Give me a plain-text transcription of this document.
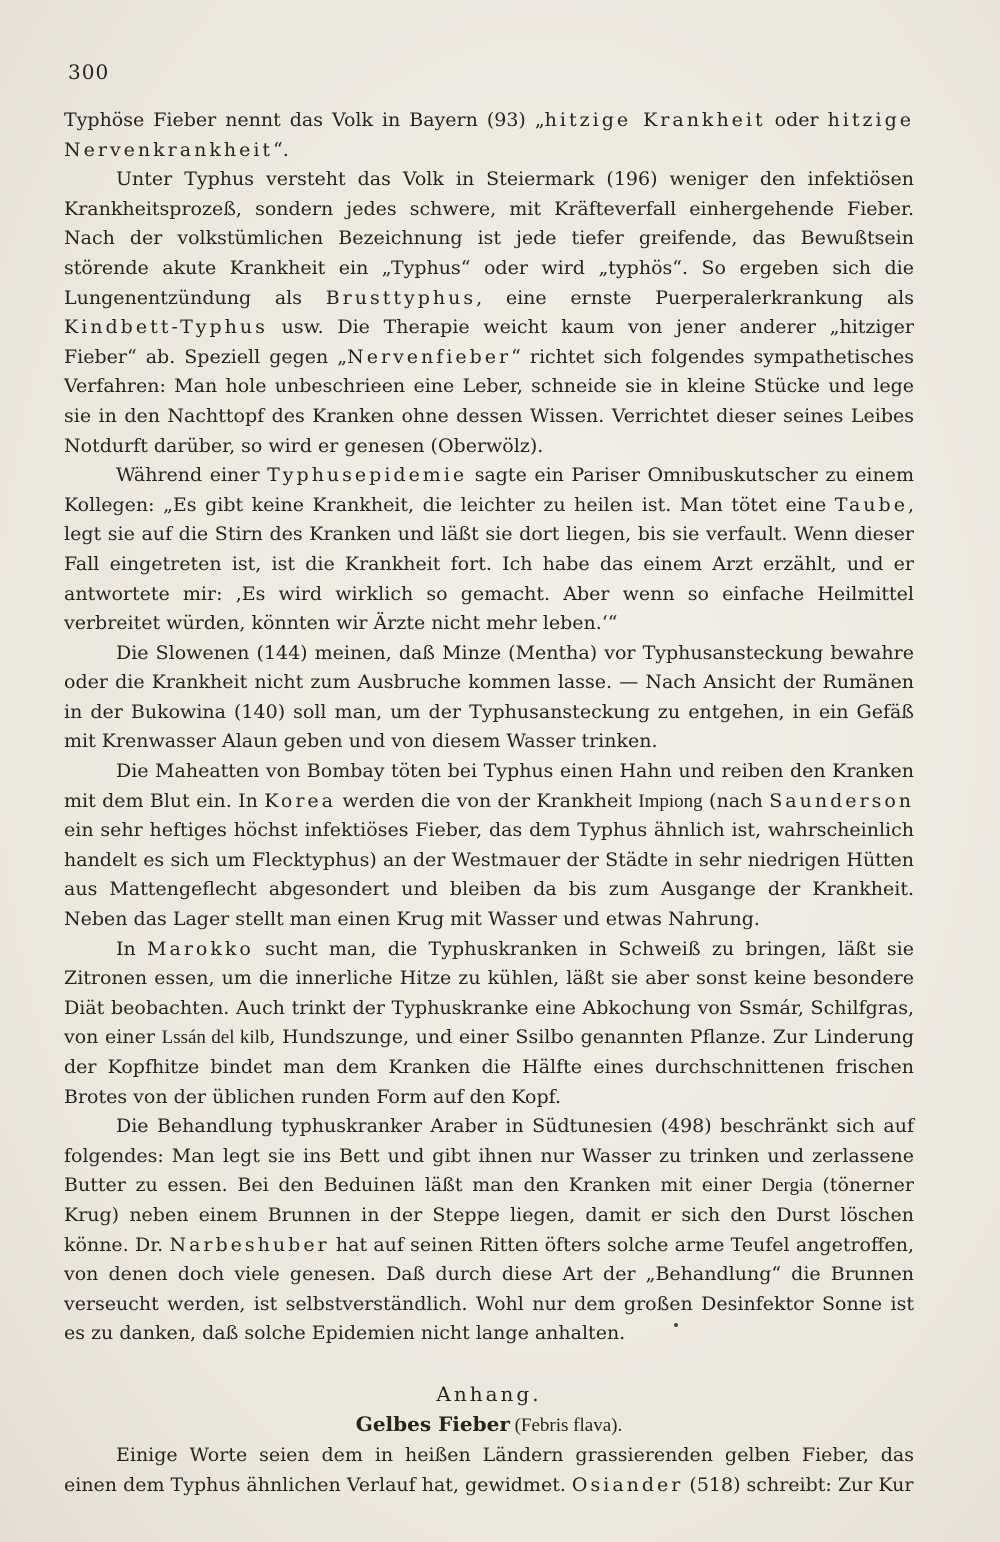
300

Typhöse Fieber nennt das Volk in Bayern (93) „hitzige Krankheit oder hitzige Nervenkrankheit“.

Unter Typhus versteht das Volk in Steiermark (196) weniger den infektiösen Krankheitsprozeß, sondern jedes schwere, mit Kräfteverfall einhergehende Fieber. Nach der volkstümlichen Bezeichnung ist jede tiefer greifende, das Bewußtsein störende akute Krankheit ein „Typhus“ oder wird „typhös“. So ergeben sich die Lungenentzündung als Brusttyphus, eine ernste Puerperalerkrankung als Kindbett-Typhus usw. Die Therapie weicht kaum von jener anderer „hitziger Fieber“ ab. Speziell gegen „Nervenfieber“ richtet sich folgendes sympathetisches Verfahren: Man hole unbeschrieen eine Leber, schneide sie in kleine Stücke und lege sie in den Nachttopf des Kranken ohne dessen Wissen. Verrichtet dieser seines Leibes Notdurft darüber, so wird er genesen (Oberwölz).

Während einer Typhusepidemie sagte ein Pariser Omnibuskutscher zu einem Kollegen: „Es gibt keine Krankheit, die leichter zu heilen ist. Man tötet eine Taube, legt sie auf die Stirn des Kranken und läßt sie dort liegen, bis sie verfault. Wenn dieser Fall eingetreten ist, ist die Krankheit fort. Ich habe das einem Arzt erzählt, und er antwortete mir: ‚Es wird wirklich so gemacht. Aber wenn so einfache Heilmittel verbreitet würden, könnten wir Ärzte nicht mehr leben.‘“

Die Slowenen (144) meinen, daß Minze (Mentha) vor Typhusansteckung bewahre oder die Krankheit nicht zum Ausbruche kommen lasse. — Nach Ansicht der Rumänen in der Bukowina (140) soll man, um der Typhusansteckung zu entgehen, in ein Gefäß mit Krenwasser Alaun geben und von diesem Wasser trinken.

Die Maheatten von Bombay töten bei Typhus einen Hahn und reiben den Kranken mit dem Blut ein. In Korea werden die von der Krankheit Impiong (nach Saunderson ein sehr heftiges höchst infektiöses Fieber, das dem Typhus ähnlich ist, wahrscheinlich handelt es sich um Flecktyphus) an der Westmauer der Städte in sehr niedrigen Hütten aus Mattengeflecht abgesondert und bleiben da bis zum Ausgange der Krankheit. Neben das Lager stellt man einen Krug mit Wasser und etwas Nahrung.

In Marokko sucht man, die Typhuskranken in Schweiß zu bringen, läßt sie Zitronen essen, um die innerliche Hitze zu kühlen, läßt sie aber sonst keine besondere Diät beobachten. Auch trinkt der Typhuskranke eine Abkochung von Ssmár, Schilfgras, von einer Lssán del kilb, Hundszunge, und einer Ssilbo genannten Pflanze. Zur Linderung der Kopfhitze bindet man dem Kranken die Hälfte eines durchschnittenen frischen Brotes von der üblichen runden Form auf den Kopf.

Die Behandlung typhuskranker Araber in Südtunesien (498) beschränkt sich auf folgendes: Man legt sie ins Bett und gibt ihnen nur Wasser zu trinken und zerlassene Butter zu essen. Bei den Beduinen läßt man den Kranken mit einer Dergia (tönerner Krug) neben einem Brunnen in der Steppe liegen, damit er sich den Durst löschen könne. Dr. Narbeshuber hat auf seinen Ritten öfters solche arme Teufel angetroffen, von denen doch viele genesen. Daß durch diese Art der „Behandlung“ die Brunnen verseucht werden, ist selbstverständlich. Wohl nur dem großen Desinfektor Sonne ist es zu danken, daß solche Epidemien nicht lange anhalten.

Anhang.

Gelbes Fieber (Febris flava).

Einige Worte seien dem in heißen Ländern grassierenden gelben Fieber, das einen dem Typhus ähnlichen Verlauf hat, gewidmet. Osiander (518) schreibt: Zur Kur
